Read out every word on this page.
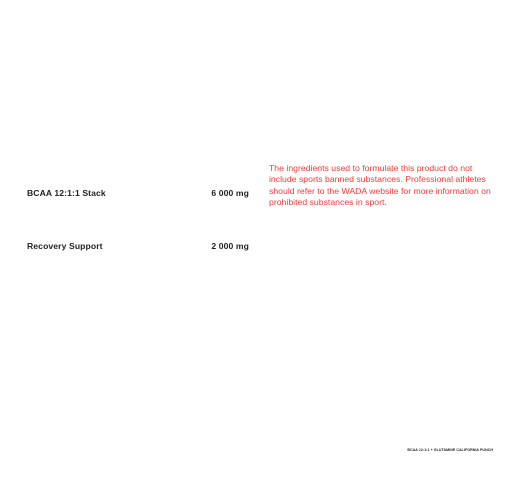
BCAA 12:1:1 Stack	6 000 mg
Recovery Support	2 000 mg

The ingredients used to formulate this product do not include sports banned substances. Professional athletes should refer to the WADA website for more information on prohibited substances in sport.

BCAA 12:1:1 + GLUTAMINE CALIFORNIA PUNCH
